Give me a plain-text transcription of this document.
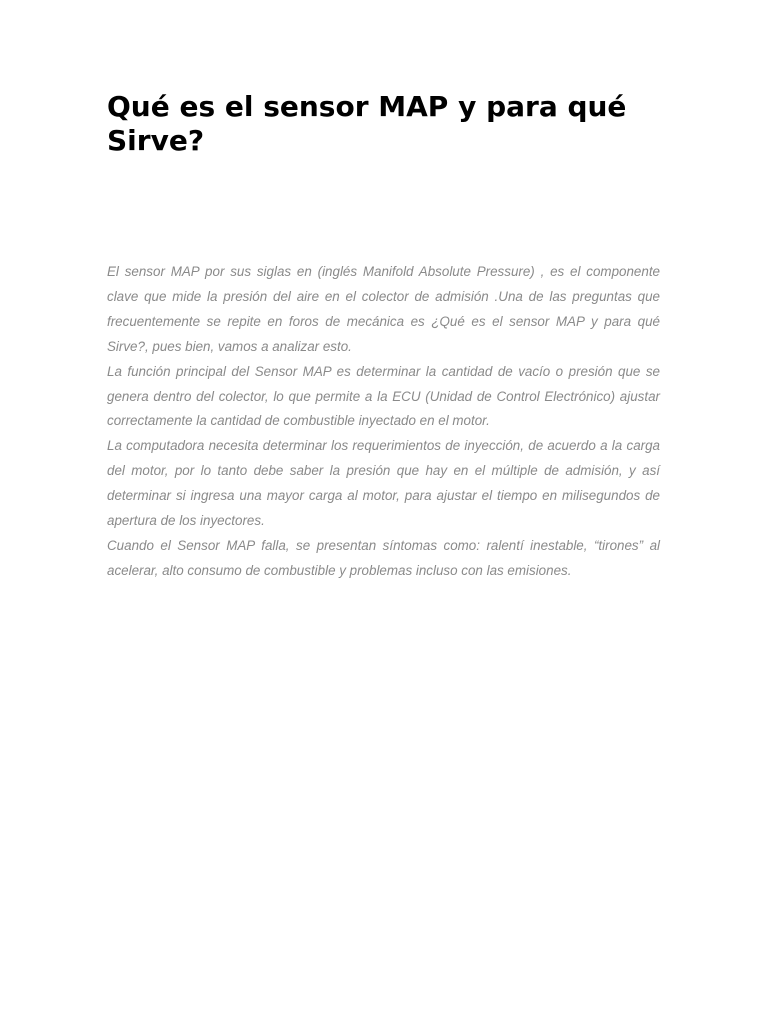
Qué es el sensor MAP y para qué Sirve?

El sensor MAP por sus siglas en (inglés Manifold Absolute Pressure) , es el componente clave que mide la presión del aire en el colector de admisión .Una de las preguntas que frecuentemente se repite en foros de mecánica es ¿Qué es el sensor MAP y para qué Sirve?, pues bien, vamos a analizar esto.

La función principal del Sensor MAP es determinar la cantidad de vacío o presión que se genera dentro del colector, lo que permite a la ECU (Unidad de Control Electrónico) ajustar correctamente la cantidad de combustible inyectado en el motor.

La computadora necesita determinar los requerimientos de inyección, de acuerdo a la carga del motor, por lo tanto debe saber la presión que hay en el múltiple de admisión, y así determinar si ingresa una mayor carga al motor, para ajustar el tiempo en milisegundos de apertura de los inyectores.

Cuando el Sensor MAP falla, se presentan síntomas como: ralentí inestable, “tirones” al acelerar, alto consumo de combustible y problemas incluso con las emisiones.
